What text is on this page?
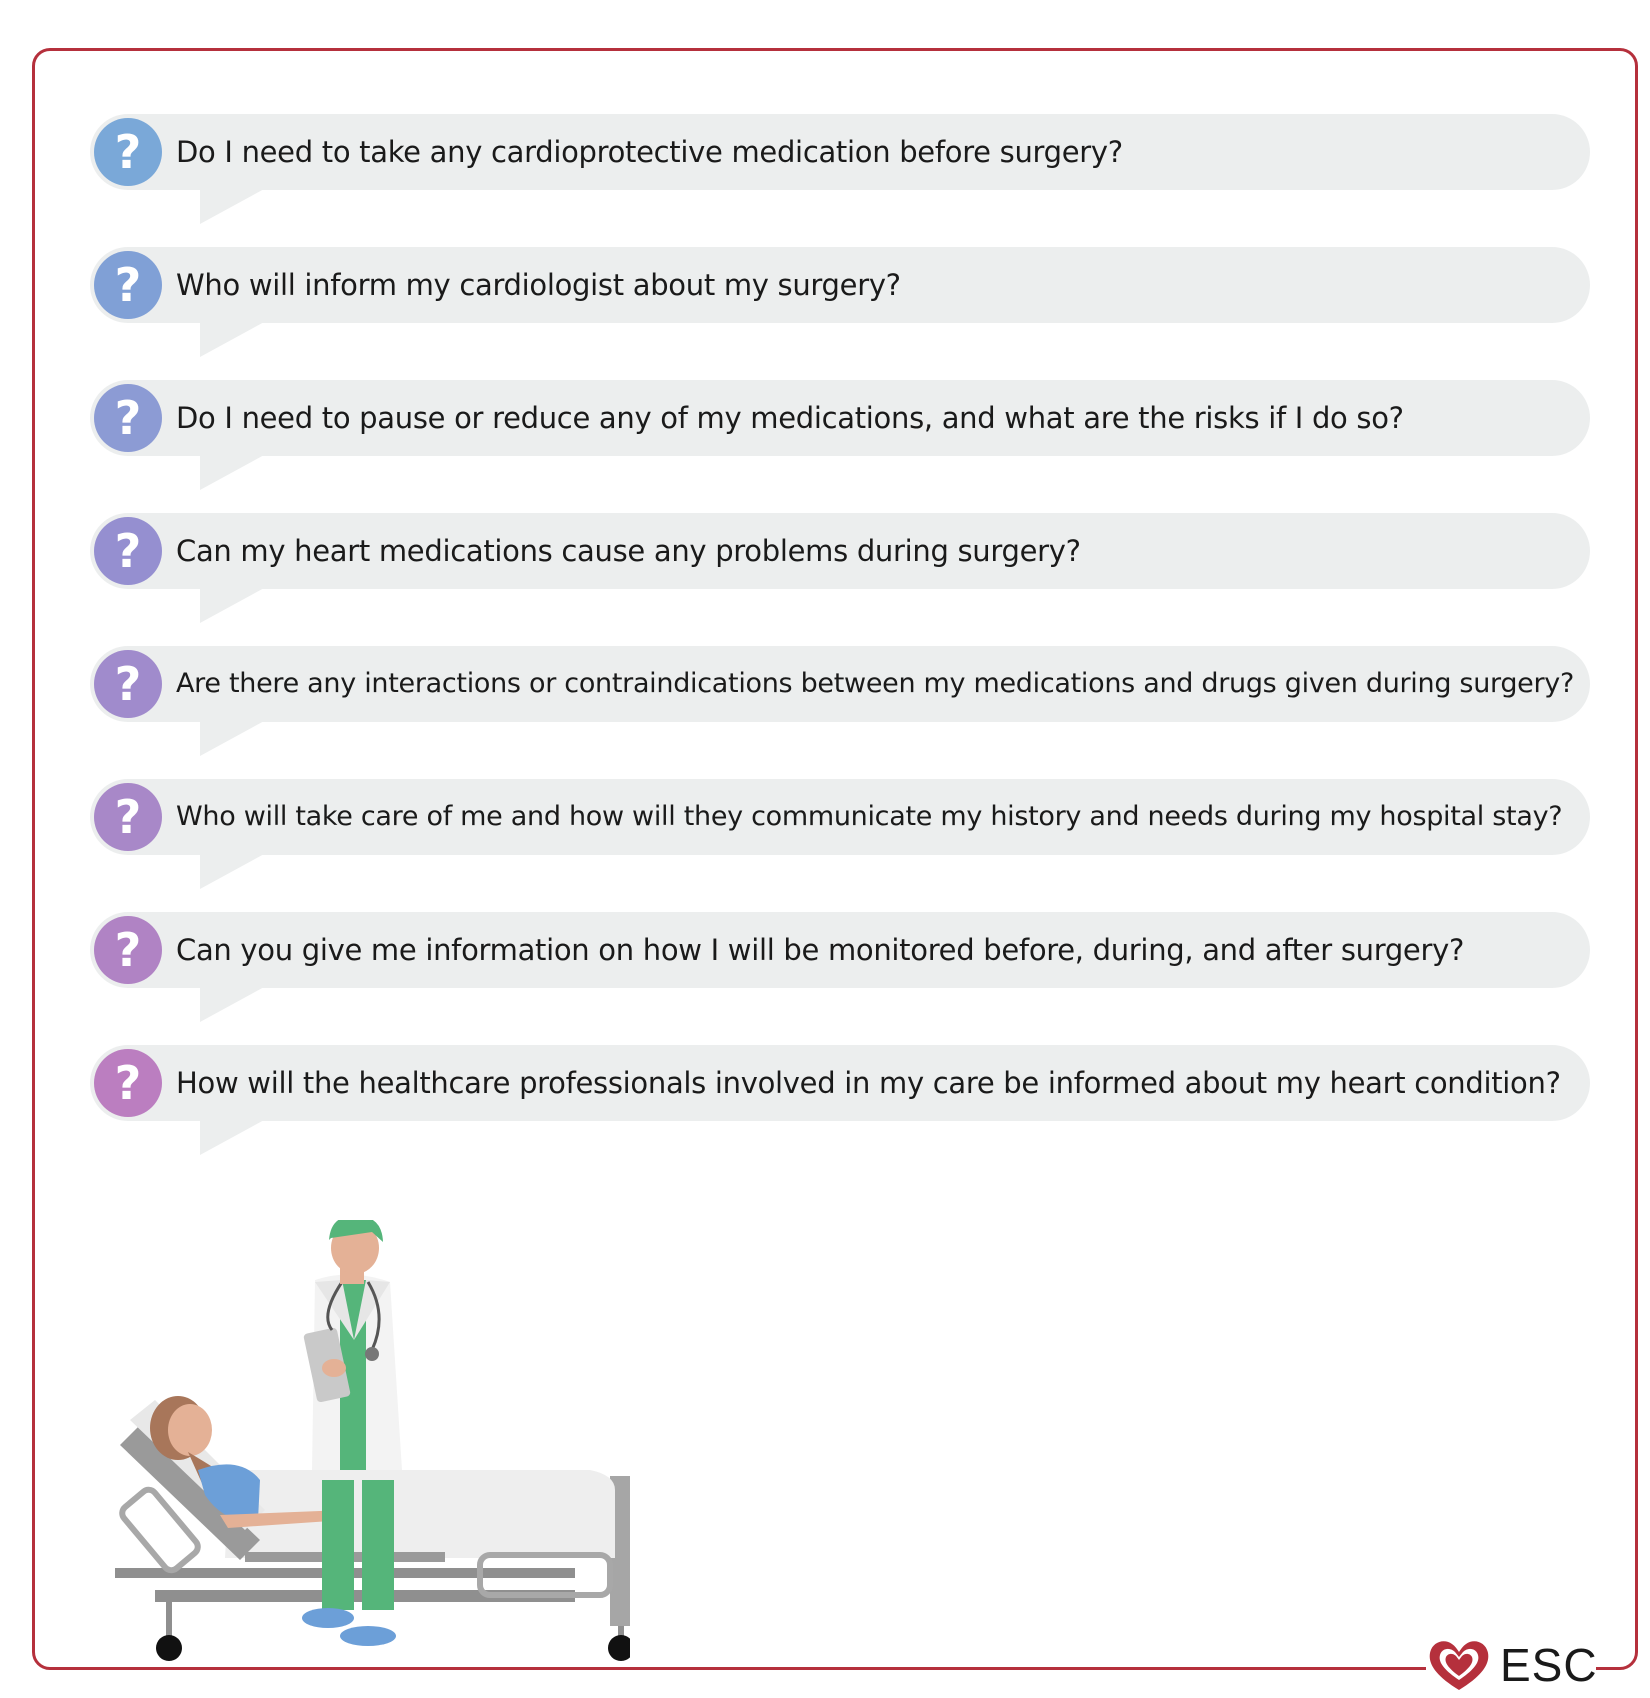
?	Do I need to take any cardioprotective medication before surgery?
?	Who will inform my cardiologist about my surgery?
?	Do I need to pause or reduce any of my medications, and what are the risks if I do so?
?	Can my heart medications cause any problems during surgery?
?	Are there any interactions or contraindications between my medications and drugs given during surgery?
?	Who will take care of me and how will they communicate my history and needs during my hospital stay?
?	Can you give me information on how I will be monitored before, during, and after surgery?
?	How will the healthcare professionals involved in my care be informed about my heart condition?
ESC
